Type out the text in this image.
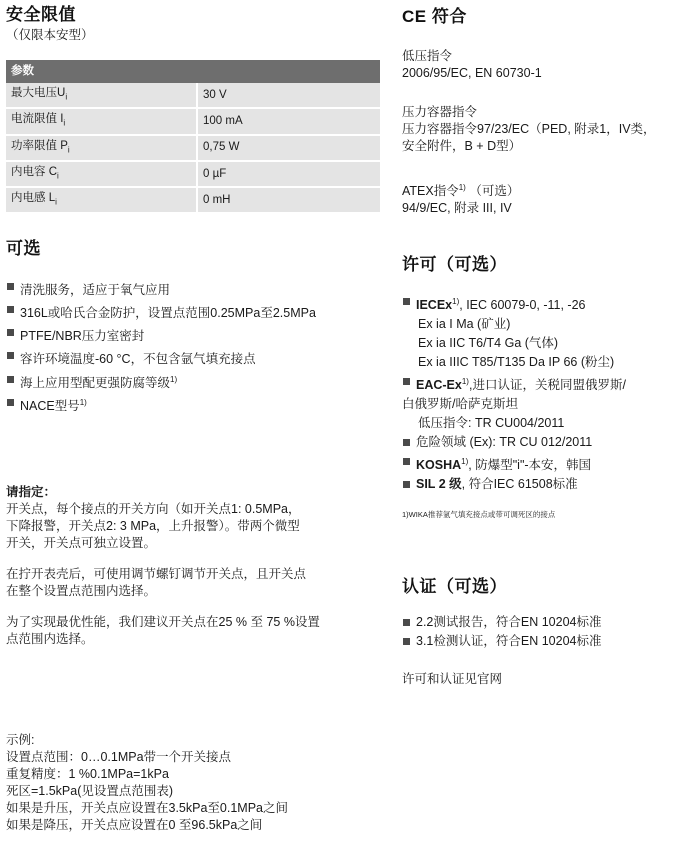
安全限值
（仅限本安型）
参数	
最大电压$U_i$	30 V
电流限值 $I_i$	100 mA
功率限值 $P_i$	0,75 W
内电容 $C_i$	0 µF
内电感 $L_i$	0 mH
可选
清洗服务，适应于氧气应用
316L或哈氏合金防护，设置点范围0.25MPa至2.5MPa
PTFE/NBR压力室密封
容许环境温度-60 °C，不包含氩气填充接点
海上应用型配更强防腐等级$^{1)}$
NACE型号$^{1)}$

请指定：

开关点，每个接点的开关方向（如开关点1: 0.5MPa，

下降报警，开关点2: 3 MPa，上升报警）。带两个微型

开关，开关点可独立设置。

在拧开表壳后，可使用调节螺钉调节开关点，且开关点

在整个设置点范围内选择。

为了实现最优性能，我们建议开关点在25 % 至 75 %设置

点范围内选择。

示例:

设置点范围：0…0.1MPa带一个开关接点

重复精度：1 %0.1MPa=1kPa

死区=1.5kPa(见设置点范围表)

如果是升压，开关点应设置在3.5kPa至0.1MPa之间

如果是降压，开关点应设置在0 至96.5kPa之间

CE 符合

低压指令

2006/95/EC, EN 60730-1

压力容器指令

压力容器指令97/23/EC（PED, 附录1，IV类，

安全附件，B + D型）

ATEX指令$^{1)}$ （可选）

94/9/EC, 附录 III, IV

许可（可选）
IECEx$^{1)}$, IEC 60079-0, -11, -26
Ex ia I Ma (矿业)
Ex ia IIC T6/T4 Ga (气体)
Ex ia IIIC T85/T135 Da IP 66 (粉尘)
EAC-Ex$^{1)}$,进口认证，关税同盟俄罗斯/
白俄罗斯/哈萨克斯坦
低压指令: TR CU004/2011
危险领域 (Ex): TR CU 012/2011
KOSHA$^{1)}$, 防爆型"i"-本安，韩国
SIL 2 级, 符合IEC 61508标准
1)WIKA推荐氩气填充接点或带可调死区的接点
认证（可选）
2.2测试报告，符合EN 10204标准
3.1检测认证，符合EN 10204标准
许可和认证见官网
